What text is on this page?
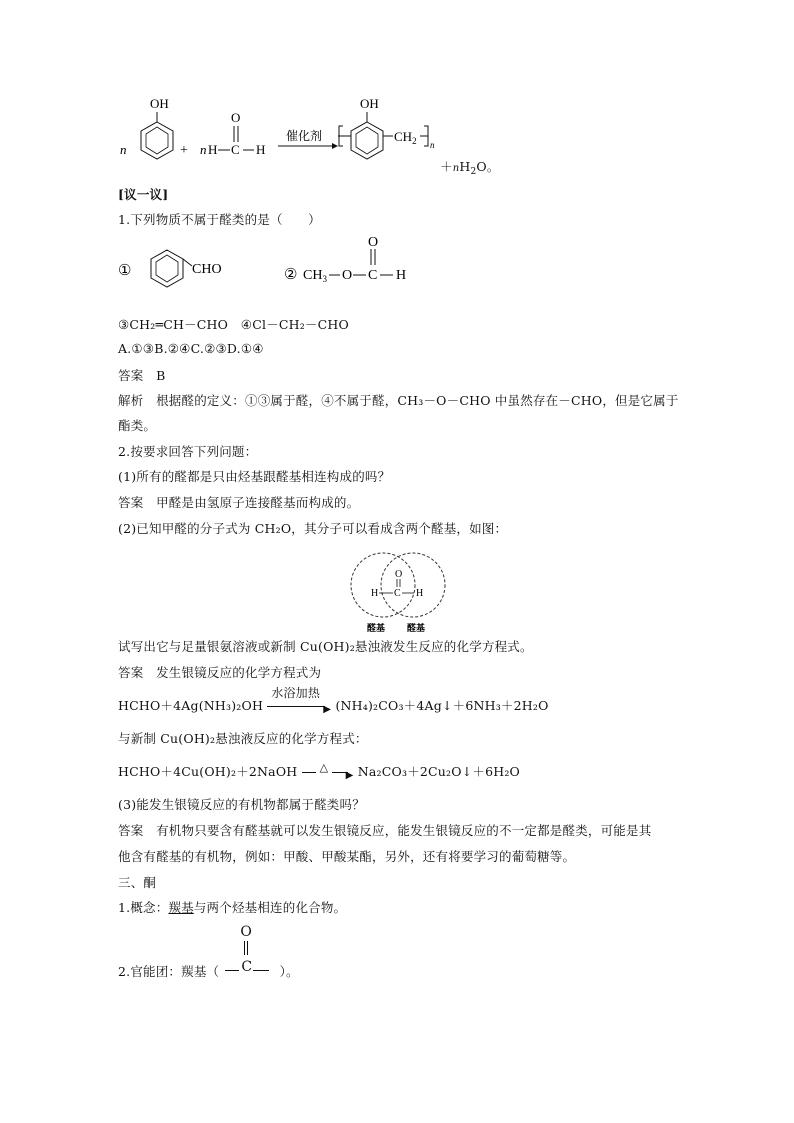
n
OH
+ n H C
O
H
催化剂
OH
$CH_2$ n
$+nH_2O$。
[议一议]
1.下列物质不属于醛类的是（　　）
①	CHO	② $CH_3$ O C
O
H
③CH₂═CH－CHO　④Cl－CH₂－CHO
A.①③B.②④C.②③D.①④
答案　B
解析　根据醛的定义：①③属于醛，④不属于醛，CH₃－O－CHO 中虽然存在－CHO，但是它属于
酯类。
2.按要求回答下列问题：
(1)所有的醛都是只由烃基跟醛基相连构成的吗？
答案　甲醛是由氢原子连接醛基而构成的。
(2)已知甲醛的分子式为 CH₂O，其分子可以看成含两个醛基，如图：
O
H C H
醛基 醛基
试写出它与足量银氨溶液或新制 Cu(OH)₂悬浊液发生反应的化学方程式。
答案　发生银镜反应的化学方程式为
HCHO＋4Ag(NH₃)₂OH
水浴加热
▶ (NH₄)₂CO₃＋4Ag↓＋6NH₃＋2H₂O
与新制 Cu(OH)₂悬浊液反应的化学方程式：
HCHO＋4Cu(OH)₂＋2NaOH △
▶ Na₂CO₃＋2Cu₂O↓＋6H₂O
(3)能发生银镜反应的有机物都属于醛类吗？
答案　有机物只要含有醛基就可以发生银镜反应，能发生银镜反应的不一定都是醛类，可能是其
他含有醛基的有机物，例如：甲酸、甲酸某酯，另外，还有将要学习的葡萄糖等。
三、酮
1.概念：羰基与两个烃基相连的化合物。
2.官能团：羰基（ C
O
）。
